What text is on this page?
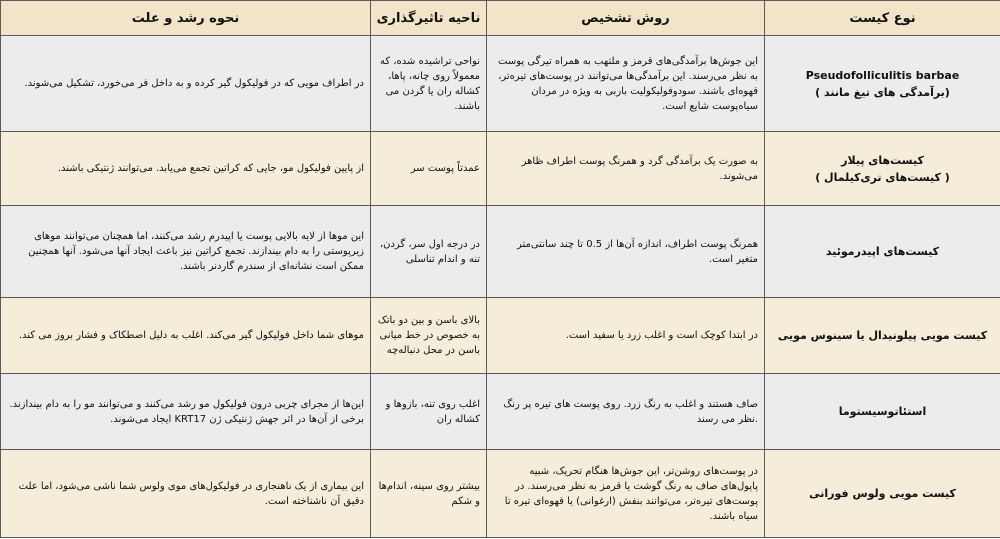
نوع کیست	روش تشخیص	ناحیه تاثیرگذاری	نحوه رشد و علت
Pseudofolliculitis barbae
(برآمدگی های تیغ مانند )	این جوش‌ها برآمدگی‌های قرمز و ملتهب به همراه تیرگی پوست به نظر می‌رسند. این برآمدگی‌ها می‌توانند در پوست‌های تیره‌تر، قهوه‌ای باشند. سودوفولیکولیت باربی به ویژه در مردان سیاه‌پوست شایع است.	نواحی تراشیده شده، که معمولاً روی چانه، پاها، کشاله ران یا گردن می باشند.	در اطراف مویی که در فولیکول گیر کرده و به داخل فر می‌خورد، تشکیل می‌شوند.

کیست‌های پیلار
( کیست‌های تری‌کیلمال )	به صورت یک برآمدگی گرد و همرنگ پوست اطراف ظاهر می‌شوند.	عمدتاً پوست سر	از پایین فولیکول مو، جایی که کراتین تجمع می‌یابد. می‌توانند ژنتیکی باشند.
کیست‌های اپیدرموئید	همرنگ پوست اطراف، اندازه آن‌ها از 0.5 تا چند سانتی‌متر متغیر است.	در درجه اول سر، گردن، تنه و اندام تناسلی	این موها از لایه بالایی پوست یا اپیدرم رشد می‌کنند، اما همچنان می‌توانند موهای زیرپوستی را به دام بیندازند. تجمع کراتین نیز باعث ایجاد آنها می‌شود. آنها همچنین ممکن است نشانه‌ای از سندرم گاردنر باشند.
کیست مویی پیلونیدال یا سینوس مویی	در ابتدا کوچک است و اغلب زرد یا سفید است.	بالای باسن و بین دو باتک به خصوص در خط میانی باسن در محل دنباله‌چه	موهای شما داخل فولیکول گیر می‌کند. اغلب به دلیل اصطکاک و فشار بروز می کند.
استئاتوسیستوما	صاف هستند و اغلب به رنگ زرد. روی پوست های تیره پر رنگ .نظر می رسند	اغلب روی تنه، بازوها و کشاله ران	این‌ها از مجرای چربی درون فولیکول مو رشد می‌کنند و می‌توانند مو را به دام بیندازند. برخی از آن‌ها در اثر جهش ژنتیکی ژن KRT17 ایجاد می‌شوند.
کیست مویی ولوس فورانی	در پوست‌های روشن‌تر، این جوش‌ها هنگام تحریک، شبیه پاپول‌های صاف به رنگ گوشت یا قرمز به نظر می‌رسند. در پوست‌های تیره‌تر، می‌توانند بنفش (ارغوانی) یا قهوه‌ای تیره تا سیاه باشند.	بیشتر روی سینه، اندام‌ها و شکم	این بیماری از یک ناهنجاری در فولیکول‌های موی ولوس شما ناشی می‌شود، اما علت دقیق آن ناشناخته است.
